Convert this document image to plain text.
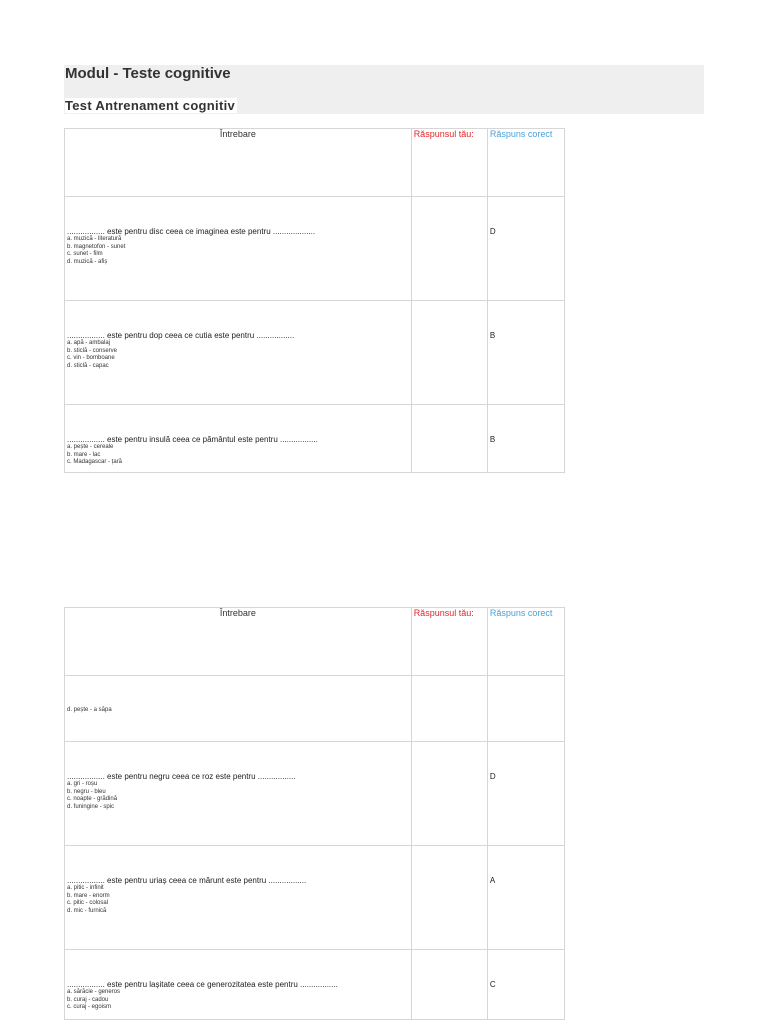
Modul - Teste cognitive
Test Antrenament cognitiv
Întrebare	Răspunsul tău:	Răspuns corect

................. este pentru disc ceea ce imaginea este pentru ...................
a. muzică - literatură
b. magnetofon - sunet
c. sunet - film
d. muzică - afiș		D

................. este pentru dop ceea ce cutia este pentru .................
a. apă - ambalaj
b. sticlă - conserve
c. vin - bomboane
d. sticlă - capac		B

................. este pentru insulă ceea ce pământul este pentru .................
a. pește - cereale
b. mare - lac
c. Madagascar - țară		B
Întrebare	Răspunsul tău:	Răspuns corect

d. pește - a săpa		

................. este pentru negru ceea ce roz este pentru .................
a. gri - roșu
b. negru - bleu
c. noapte - grădină
d. funingine - spic		D

................. este pentru uriaș ceea ce mărunt este pentru .................
a. pitic - infinit
b. mare - enorm
c. pitic - colosal
d. mic - furnică		A

................. este pentru lașitate ceea ce generozitatea este pentru .................
a. sărăcie - generos
b. curaj - cadou
c. curaj - egoism		C
